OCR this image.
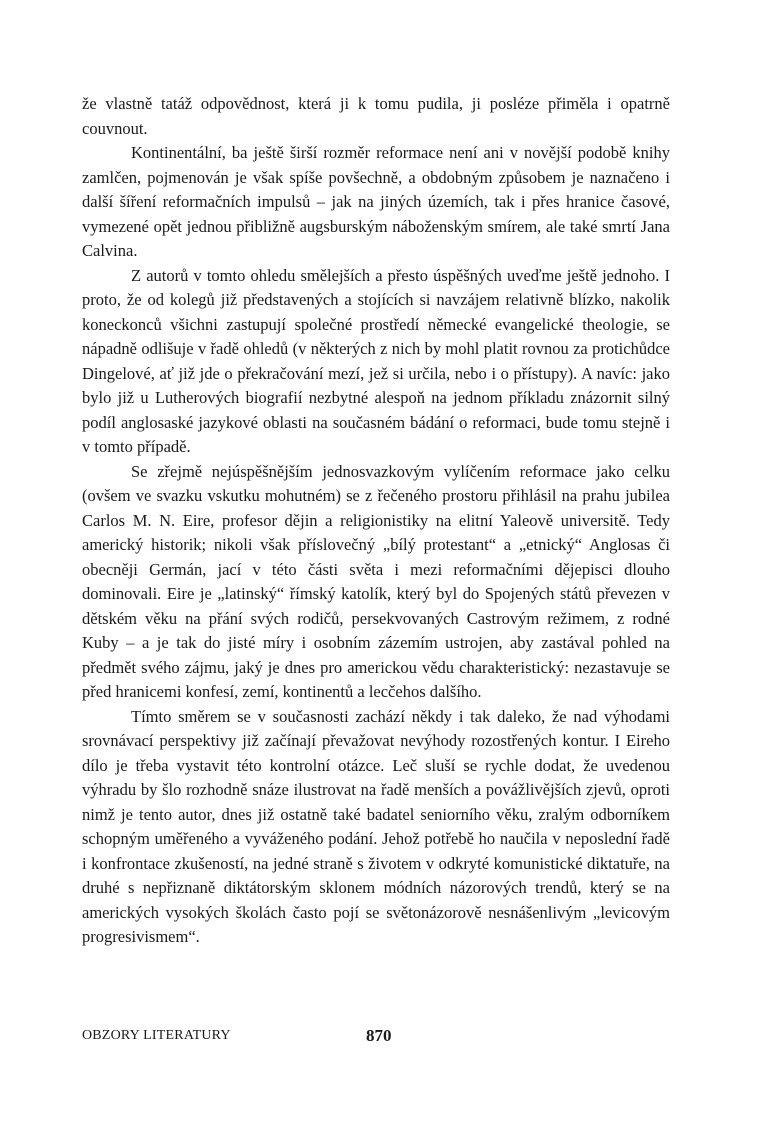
že vlastně tatáž odpovědnost, která ji k tomu pudila, ji posléze přiměla i opatrně couvnout.

Kontinentální, ba ještě širší rozměr reformace není ani v novější podobě knihy zamlčen, pojmenován je však spíše povšechně, a obdobným způsobem je naznačeno i další šíření reformačních impulsů – jak na jiných územích, tak i přes hranice časové, vymezené opět jednou přibližně augsburským náboženským smírem, ale také smrtí Jana Calvina.

Z autorů v tomto ohledu smělejších a přesto úspěšných uveďme ještě jednoho. I proto, že od kolegů již představených a stojících si navzájem relativně blízko, nakolik koneckonců všichni zastupují společné prostředí německé evangelické theologie, se nápadně odlišuje v řadě ohledů (v některých z nich by mohl platit rovnou za protichůdce Dingelové, ať již jde o překračování mezí, jež si určila, nebo i o přístupy). A navíc: jako bylo již u Lutherových biografií nezbytné alespoň na jednom příkladu znázornit silný podíl anglosaské jazykové oblasti na současném bádání o reformaci, bude tomu stejně i v tomto případě.

Se zřejmě nejúspěšnějším jednosvazkovým vylíčením reformace jako celku (ovšem ve svazku vskutku mohutném) se z řečeného prostoru přihlásil na prahu jubilea Carlos M. N. Eire, profesor dějin a religionistiky na elitní Yaleově universitě. Tedy americký historik; nikoli však příslovečný „bílý protestant“ a „etnický“ Anglosas či obecněji Germán, jací v této části světa i mezi reformačními dějepisci dlouho dominovali. Eire je „latinský“ římský katolík, který byl do Spojených států převezen v dětském věku na přání svých rodičů, persekvovaných Castrovým režimem, z rodné Kuby – a je tak do jisté míry i osobním zázemím ustrojen, aby zastával pohled na předmět svého zájmu, jaký je dnes pro americkou vědu charakteristický: nezastavuje se před hranicemi konfesí, zemí, kontinentů a lecčehos dalšího.

Tímto směrem se v současnosti zachází někdy i tak daleko, že nad výhodami srovnávací perspektivy již začínají převažovat nevýhody rozostřených kontur. I Eireho dílo je třeba vystavit této kontrolní otázce. Leč sluší se rychle dodat, že uvedenou výhradu by šlo rozhodně snáze ilustrovat na řadě menších a povážlivějších zjevů, oproti nimž je tento autor, dnes již ostatně také badatel seniorního věku, zralým odborníkem schopným uměřeného a vyváženého podání. Jehož potřebě ho naučila v neposlední řadě i konfrontace zkušeností, na jedné straně s životem v odkryté komunistické diktatuře, na druhé s nepřiznaně diktátorským sklonem módních názorových trendů, který se na amerických vysokých školách často pojí se světonázorově nesnášenlivým „levicovým progresivismem“.

OBZORY LITERATURY	870
